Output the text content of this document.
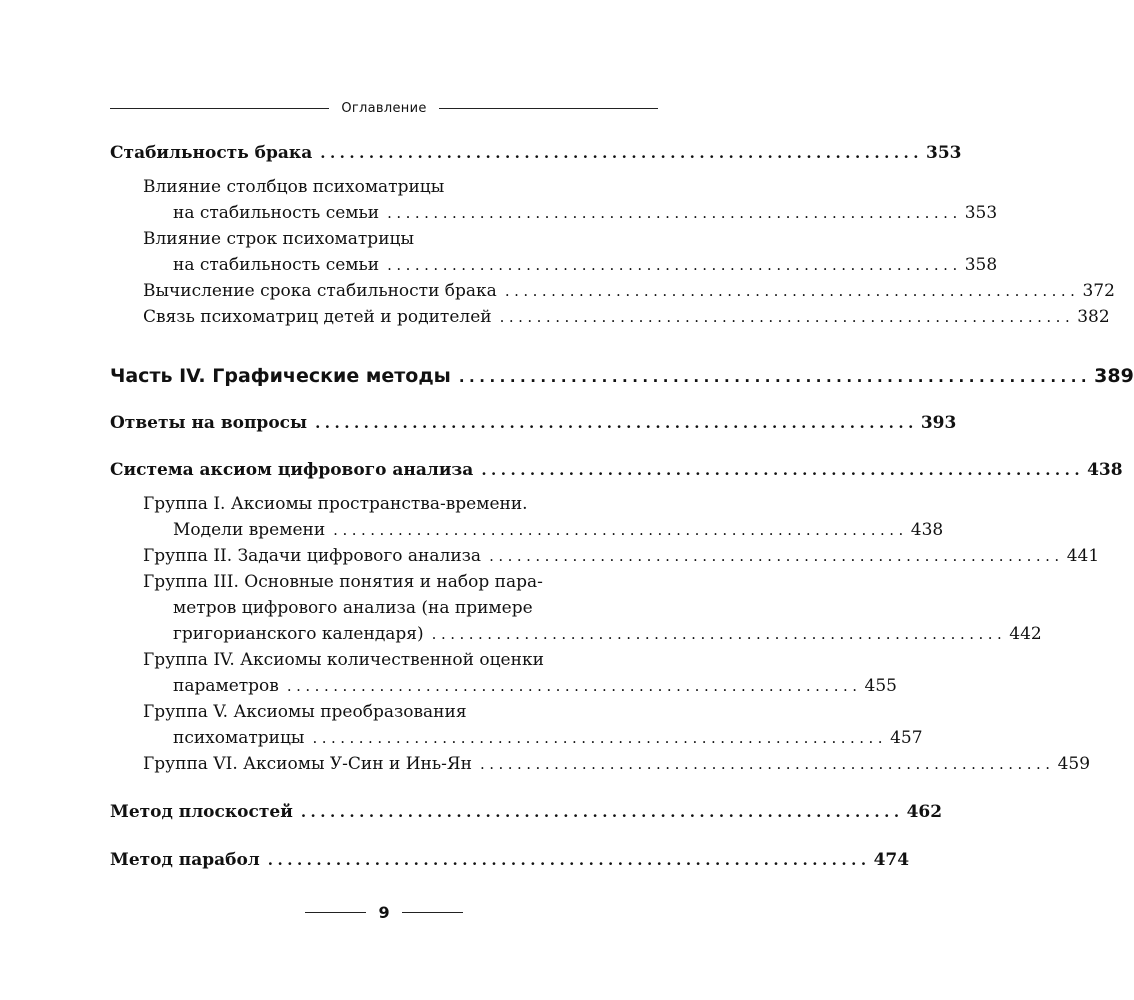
Оглавление
Стабильность брака .............................................................. 353
Влияние столбцов психоматрицы
на стабильность семьи .............................................................. 353
Влияние строк психоматрицы
на стабильность семьи .............................................................. 358
Вычисление срока стабильности брака .............................................................. 372
Связь психоматриц детей и родителей .............................................................. 382
Часть IV. Графические методы .............................................................. 389
Ответы на вопросы .............................................................. 393
Система аксиом цифрового анализа .............................................................. 438
Группа I. Аксиомы пространства-времени.
Модели времени .............................................................. 438
Группа II. Задачи цифрового анализа .............................................................. 441
Группа III. Основные понятия и набор пара-
метров цифрового анализа (на примере
григорианского календаря) .............................................................. 442
Группа IV. Аксиомы количественной оценки
параметров .............................................................. 455
Группа V. Аксиомы преобразования
психоматрицы .............................................................. 457
Группа VI. Аксиомы У-Син и Инь-Ян .............................................................. 459
Метод плоскостей .............................................................. 462
Метод парабол .............................................................. 474
9
